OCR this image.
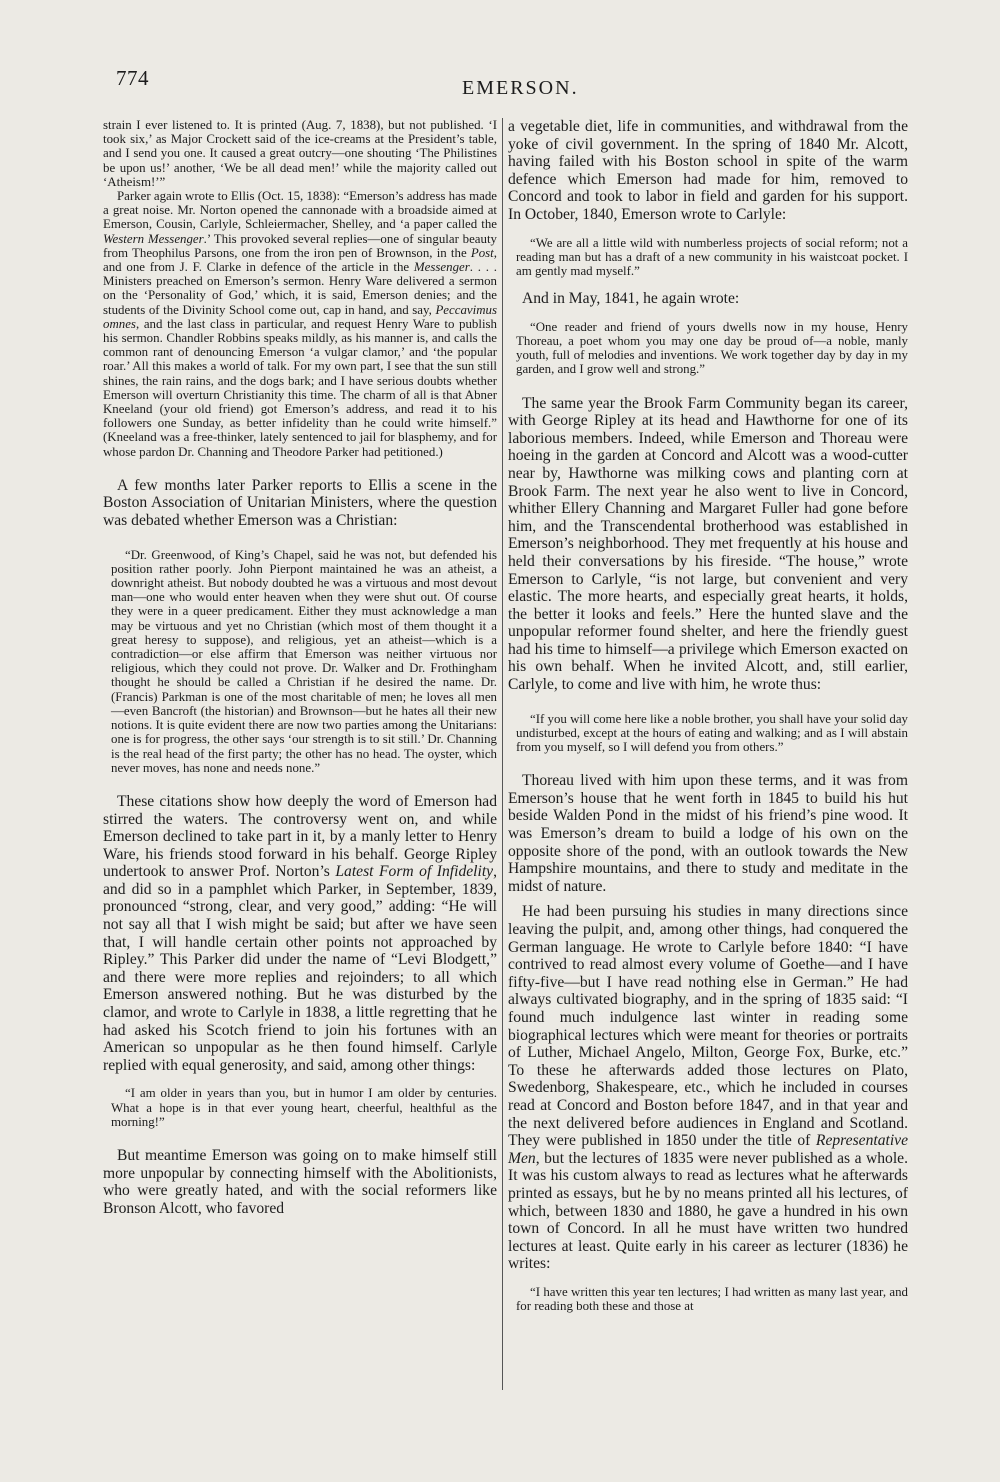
774	EMERSON.

strain I ever listened to. It is printed (Aug. 7, 1838), but not published. ‘I took six,’ as Major Crockett said of the ice-creams at the President’s table, and I send you one. It caused a great outcry—one shouting ‘The Philistines be upon us!’ another, ‘We be all dead men!’ while the majority called out ‘Atheism!’”

Parker again wrote to Ellis (Oct. 15, 1838): “Emerson’s address has made a great noise. Mr. Norton opened the cannonade with a broadside aimed at Emerson, Cousin, Carlyle, Schleiermacher, Shelley, and ‘a paper called the Western Messenger.’ This provoked several replies—one of singular beauty from Theophilus Parsons, one from the iron pen of Brownson, in the Post, and one from J. F. Clarke in defence of the article in the Messenger. . . . Ministers preached on Emerson’s sermon. Henry Ware delivered a sermon on the ‘Personality of God,’ which, it is said, Emerson denies; and the students of the Divinity School come out, cap in hand, and say, Peccavimus omnes, and the last class in particular, and request Henry Ware to publish his sermon. Chandler Robbins speaks mildly, as his manner is, and calls the common rant of denouncing Emerson ‘a vulgar clamor,’ and ‘the popular roar.’ All this makes a world of talk. For my own part, I see that the sun still shines, the rain rains, and the dogs bark; and I have serious doubts whether Emerson will overturn Christianity this time. The charm of all is that Abner Kneeland (your old friend) got Emerson’s address, and read it to his followers one Sunday, as better infidelity than he could write himself.” (Kneeland was a free-thinker, lately sentenced to jail for blasphemy, and for whose pardon Dr. Channing and Theodore Parker had petitioned.)

A few months later Parker reports to Ellis a scene in the Boston Association of Unitarian Ministers, where the question was debated whether Emerson was a Christian:

“Dr. Greenwood, of King’s Chapel, said he was not, but defended his position rather poorly. John Pierpont maintained he was an atheist, a downright atheist. But nobody doubted he was a virtuous and most devout man—one who would enter heaven when they were shut out. Of course they were in a queer predicament. Either they must acknowledge a man may be virtuous and yet no Christian (which most of them thought it a great heresy to suppose), and religious, yet an atheist—which is a contradiction—or else affirm that Emerson was neither virtuous nor religious, which they could not prove. Dr. Walker and Dr. Frothingham thought he should be called a Christian if he desired the name. Dr. (Francis) Parkman is one of the most charitable of men; he loves all men—even Bancroft (the historian) and Brownson—but he hates all their new notions. It is quite evident there are now two parties among the Unitarians: one is for progress, the other says ‘our strength is to sit still.’ Dr. Channing is the real head of the first party; the other has no head. The oyster, which never moves, has none and needs none.”

These citations show how deeply the word of Emerson had stirred the waters. The controversy went on, and while Emerson declined to take part in it, by a manly letter to Henry Ware, his friends stood forward in his behalf. George Ripley undertook to answer Prof. Norton’s Latest Form of Infidelity, and did so in a pamphlet which Parker, in September, 1839, pronounced “strong, clear, and very good,” adding: “He will not say all that I wish might be said; but after we have seen that, I will handle certain other points not approached by Ripley.” This Parker did under the name of “Levi Blodgett,” and there were more replies and rejoinders; to all which Emerson answered nothing. But he was disturbed by the clamor, and wrote to Carlyle in 1838, a little regretting that he had asked his Scotch friend to join his fortunes with an American so unpopular as he then found himself. Carlyle replied with equal generosity, and said, among other things:

“I am older in years than you, but in humor I am older by centuries. What a hope is in that ever young heart, cheerful, healthful as the morning!”

But meantime Emerson was going on to make himself still more unpopular by connecting himself with the Abolitionists, who were greatly hated, and with the social reformers like Bronson Alcott, who favored

a vegetable diet, life in communities, and withdrawal from the yoke of civil government. In the spring of 1840 Mr. Alcott, having failed with his Boston school in spite of the warm defence which Emerson had made for him, removed to Concord and took to labor in field and garden for his support. In October, 1840, Emerson wrote to Carlyle:

“We are all a little wild with numberless projects of social reform; not a reading man but has a draft of a new community in his waistcoat pocket. I am gently mad myself.”

And in May, 1841, he again wrote:

“One reader and friend of yours dwells now in my house, Henry Thoreau, a poet whom you may one day be proud of—a noble, manly youth, full of melodies and inventions. We work together day by day in my garden, and I grow well and strong.”

The same year the Brook Farm Community began its career, with George Ripley at its head and Hawthorne for one of its laborious members. Indeed, while Emerson and Thoreau were hoeing in the garden at Concord and Alcott was a wood-cutter near by, Hawthorne was milking cows and planting corn at Brook Farm. The next year he also went to live in Concord, whither Ellery Channing and Margaret Fuller had gone before him, and the Transcendental brotherhood was established in Emerson’s neighborhood. They met frequently at his house and held their conversations by his fireside. “The house,” wrote Emerson to Carlyle, “is not large, but convenient and very elastic. The more hearts, and especially great hearts, it holds, the better it looks and feels.” Here the hunted slave and the unpopular reformer found shelter, and here the friendly guest had his time to himself—a privilege which Emerson exacted on his own behalf. When he invited Alcott, and, still earlier, Carlyle, to come and live with him, he wrote thus:

“If you will come here like a noble brother, you shall have your solid day undisturbed, except at the hours of eating and walking; and as I will abstain from you myself, so I will defend you from others.”

Thoreau lived with him upon these terms, and it was from Emerson’s house that he went forth in 1845 to build his hut beside Walden Pond in the midst of his friend’s pine wood. It was Emerson’s dream to build a lodge of his own on the opposite shore of the pond, with an outlook towards the New Hampshire mountains, and there to study and meditate in the midst of nature.

He had been pursuing his studies in many directions since leaving the pulpit, and, among other things, had conquered the German language. He wrote to Carlyle before 1840: “I have contrived to read almost every volume of Goethe—and I have fifty-five—but I have read nothing else in German.” He had always cultivated biography, and in the spring of 1835 said: “I found much indulgence last winter in reading some biographical lectures which were meant for theories or portraits of Luther, Michael Angelo, Milton, George Fox, Burke, etc.” To these he afterwards added those lectures on Plato, Swedenborg, Shakespeare, etc., which he included in courses read at Concord and Boston before 1847, and in that year and the next delivered before audiences in England and Scotland. They were published in 1850 under the title of Representative Men, but the lectures of 1835 were never published as a whole. It was his custom always to read as lectures what he afterwards printed as essays, but he by no means printed all his lectures, of which, between 1830 and 1880, he gave a hundred in his own town of Concord. In all he must have written two hundred lectures at least. Quite early in his career as lecturer (1836) he writes:

“I have written this year ten lectures; I had written as many last year, and for reading both these and those at
